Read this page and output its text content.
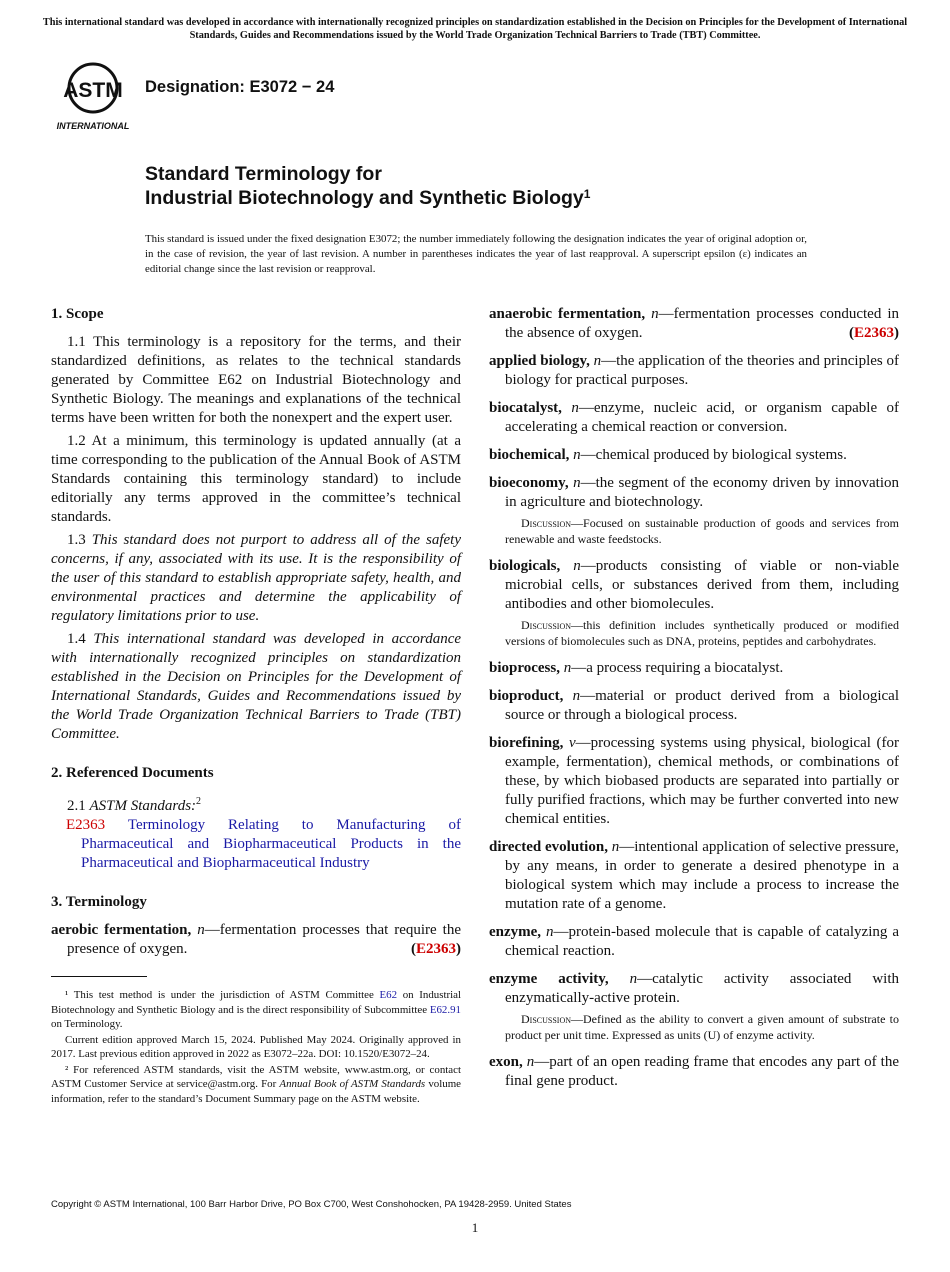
This international standard was developed in accordance with internationally recognized principles on standardization established in the Decision on Principles for the Development of International Standards, Guides and Recommendations issued by the World Trade Organization Technical Barriers to Trade (TBT) Committee.
ASTM
INTERNATIONAL
Designation: E3072 − 24
Standard Terminology for
Industrial Biotechnology and Synthetic Biology$^1$
This standard is issued under the fixed designation E3072; the number immediately following the designation indicates the year of original adoption or, in the case of revision, the year of last revision. A number in parentheses indicates the year of last reapproval. A superscript epsilon (ε) indicates an editorial change since the last revision or reapproval.
1. Scope

1.1 This terminology is a repository for the terms, and their standardized definitions, as relates to the technical standards generated by Committee E62 on Industrial Biotechnology and Synthetic Biology. The meanings and explanations of the technical terms have been written for both the nonexpert and the expert user.

1.2 At a minimum, this terminology is updated annually (at a time corresponding to the publication of the Annual Book of ASTM Standards containing this terminology standard) to include editorially any terms approved in the committee’s technical standards.

1.3 This standard does not purport to address all of the safety concerns, if any, associated with its use. It is the responsibility of the user of this standard to establish appropriate safety, health, and environmental practices and determine the applicability of regulatory limitations prior to use.

1.4 This international standard was developed in accordance with internationally recognized principles on standardization established in the Decision on Principles for the Development of International Standards, Guides and Recommendations issued by the World Trade Organization Technical Barriers to Trade (TBT) Committee.

2. Referenced Documents

2.1 ASTM Standards:$^2$

E2363 Terminology Relating to Manufacturing of Pharmaceutical and Biopharmaceutical Products in the Pharmaceutical and Biopharmaceutical Industry

3. Terminology

aerobic fermentation, n—fermentation processes that require the presence of oxygen.	(E2363)

anaerobic fermentation, n—fermentation processes conducted in the absence of oxygen.	(E2363)

applied biology, n—the application of the theories and principles of biology for practical purposes.

biocatalyst, n—enzyme, nucleic acid, or organism capable of accelerating a chemical reaction or conversion.

biochemical, n—chemical produced by biological systems.

bioeconomy, n—the segment of the economy driven by innovation in agriculture and biotechnology.

Discussion—Focused on sustainable production of goods and services from renewable and waste feedstocks.

biologicals, n—products consisting of viable or non-viable microbial cells, or substances derived from them, including antibodies and other biomolecules.

Discussion—this definition includes synthetically produced or modified versions of biomolecules such as DNA, proteins, peptides and carbohydrates.

bioprocess, n—a process requiring a biocatalyst.

bioproduct, n—material or product derived from a biological source or through a biological process.

biorefining, v—processing systems using physical, biological (for example, fermentation), chemical methods, or combinations of these, by which biobased products are separated into partially or fully purified fractions, which may be further converted into new chemical entities.

directed evolution, n—intentional application of selective pressure, by any means, in order to generate a desired phenotype in a biological system which may include a process to increase the mutation rate of a genome.

enzyme, n—protein-based molecule that is capable of catalyzing a chemical reaction.

enzyme activity, n—catalytic activity associated with enzymatically-active protein.

Discussion—Defined as the ability to convert a given amount of substrate to product per unit time. Expressed as units (U) of enzyme activity.

exon, n—part of an open reading frame that encodes any part of the final gene product.

¹ This test method is under the jurisdiction of ASTM Committee E62 on Industrial Biotechnology and Synthetic Biology and is the direct responsibility of Subcommittee E62.91 on Terminology.

Current edition approved March 15, 2024. Published May 2024. Originally approved in 2017. Last previous edition approved in 2022 as E3072–22a. DOI: 10.1520/E3072–24.

² For referenced ASTM standards, visit the ASTM website, www.astm.org, or contact ASTM Customer Service at service@astm.org. For Annual Book of ASTM Standards volume information, refer to the standard’s Document Summary page on the ASTM website.

Copyright © ASTM International, 100 Barr Harbor Drive, PO Box C700, West Conshohocken, PA 19428-2959. United States
1
